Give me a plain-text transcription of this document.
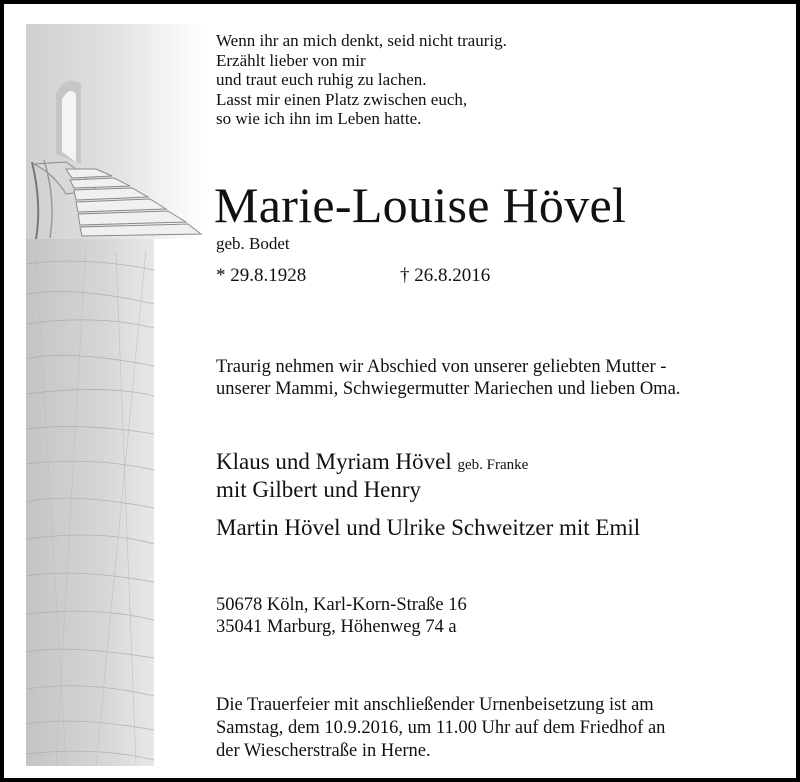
Wenn ihr an mich denkt, seid nicht traurig.
Erzählt lieber von mir
und traut euch ruhig zu lachen.
Lasst mir einen Platz zwischen euch,
so wie ich ihn im Leben hatte.
Marie-Louise Hövel
geb. Bodet
* 29.8.1928	† 26.8.2016
Traurig nehmen wir Abschied von unserer geliebten Mutter -
unserer Mammi, Schwiegermutter Mariechen und lieben Oma.
Klaus und Myriam Hövel geb. Franke
mit Gilbert und Henry
Martin Hövel und Ulrike Schweitzer mit Emil
50678 Köln, Karl-Korn-Straße 16
35041 Marburg, Höhenweg 74 a
Die Trauerfeier mit anschließender Urnenbeisetzung ist am
Samstag, dem 10.9.2016, um 11.00 Uhr auf dem Friedhof an
der Wiescherstraße in Herne.
